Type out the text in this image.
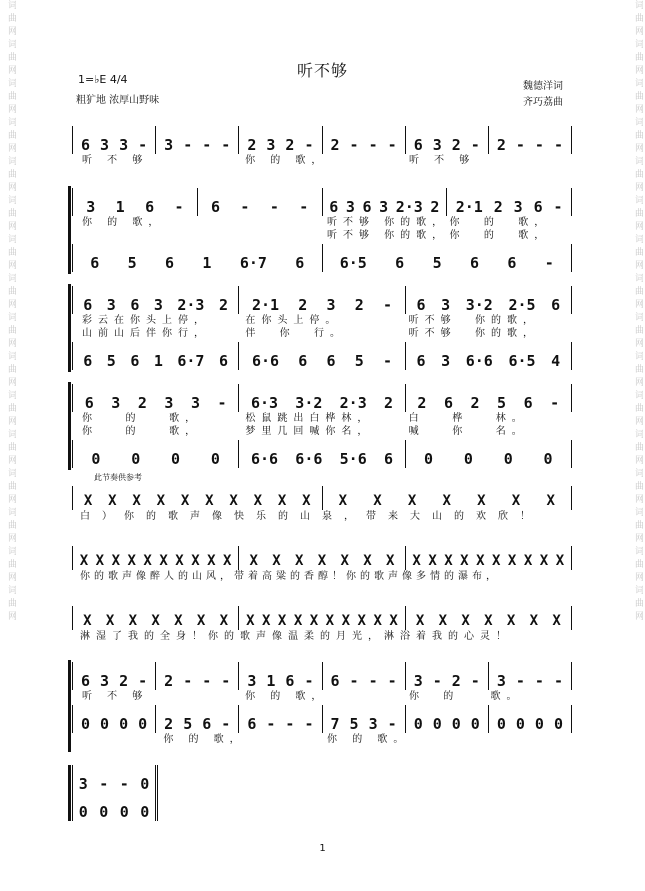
词曲网词曲网词曲网词曲网词曲网词曲网词曲网词曲网词曲网词曲网词曲网词曲网词曲网词曲网词曲网词曲网	词曲网词曲网词曲网词曲网词曲网词曲网词曲网词曲网词曲网词曲网词曲网词曲网词曲网词曲网词曲网词曲网
听不够
1=♭E 4/4
粗犷地 浓厚山野味
魏德洋词
齐巧荔曲
6 3 3 - 3 - - - 2 3 2 - 2 - - - 6 3 2 - 2 - - -
听 不 够	你 的 歌，	听 不 够
3 1 6 - 6 - - - 6 3 6 3 2·3 2 2·1 2 3 6 -
你 的 歌，	听不够 你的歌， 你  的  歌，
听不够 你的歌， 你  的  歌，
6 5 6 1 6·7 6 6·5 6 5 6 6 -
6 3 6 3 2·3 2 2·1 2 3 2 - 6 3 3·2 2·5 6
彩云在你头上停，	在你头上停。	听不够  你的歌，
山前山后伴你行，	伴  你  行。	听不够  你的歌，
6 5 6 1 6·7 6 6·6 6 6 5 - 6 3 6·6 6·5 4
6 3 2 3 3 - 6·3 3·2 2·3 2 2 6 2 5 6 -
你   的   歌，	松鼠跳出白桦林，	白   桦   林。
你   的   歌，	梦里几回喊你名，	喊   你   名。
0 0 0 0 6·6 6·6 5·6 6 0 0 0 0
此节奏供参考
X X X X X X X X X X X X X X X X X
白）你的歌声像快乐的山泉，带来大山的欢欣！
X X X X X X X X X X X X X X X X X X X X X X X X X X X
你的歌声像醉人的山风，带着高粱的香醇！你的歌声像多情的瀑布，
X X X X X X X X X X X X X X X X X X X X X X X X
淋湿了我的全身！你的歌声像温柔的月光，淋浴着我的心灵！
6 3 2 - 2 - - - 3 1 6 - 6 - - - 3 - 2 - 3 - - -
听 不 够	你 的 歌，	你  的	歌。
0 0 0 0 2 5 6 - 6 - - - 7 5 3 - 0 0 0 0 0 0 0 0
你 的 歌，	你 的 歌。
3 - - 0
0 0 0 0
1
